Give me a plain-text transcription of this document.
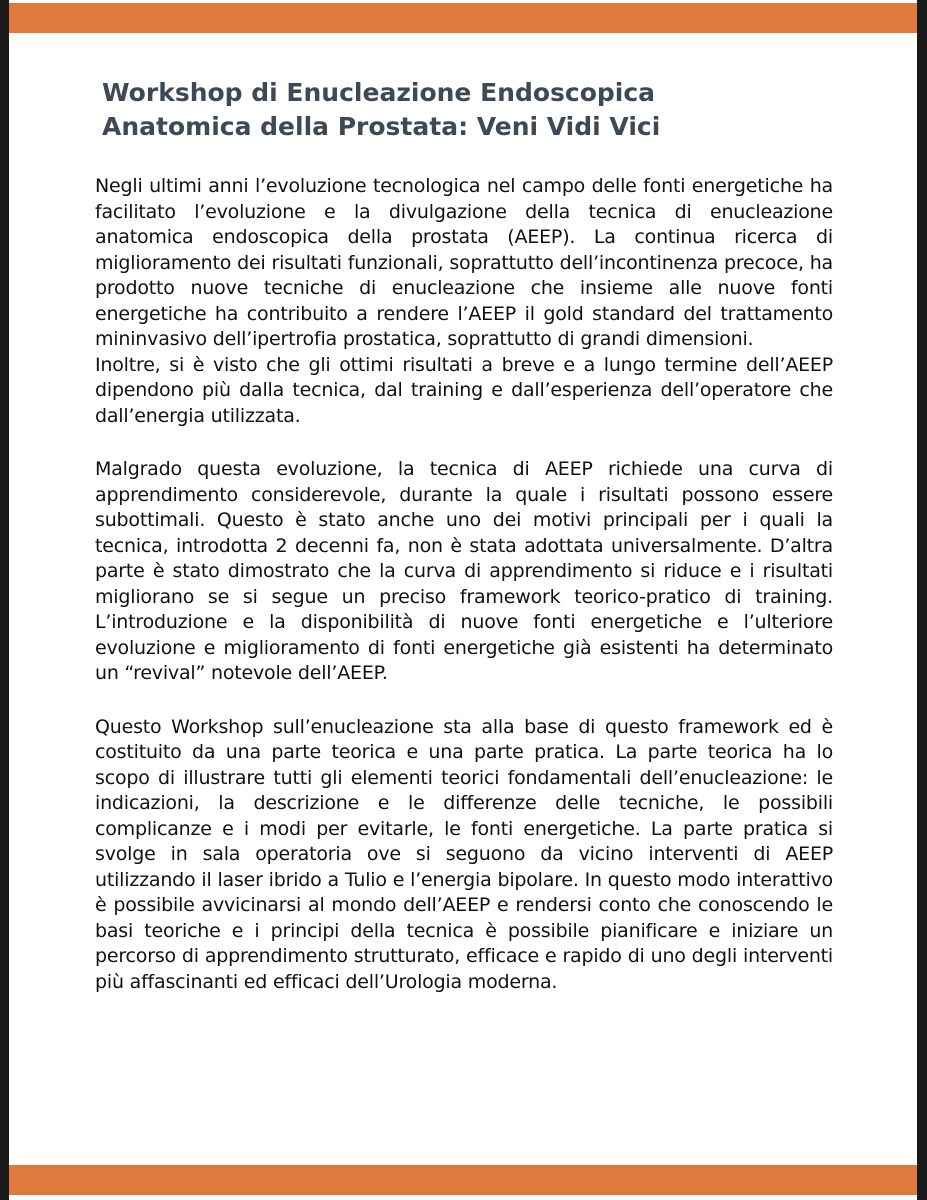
Workshop di Enucleazione Endoscopica
Anatomica della Prostata: Veni Vidi Vici

Negli ultimi anni l’evoluzione tecnologica nel campo delle fonti energetiche ha facilitato l’evoluzione e la divulgazione della tecnica di enucleazione anatomica endoscopica della prostata (AEEP). La continua ricerca di miglioramento dei risultati funzionali, soprattutto dell’incontinenza precoce, ha prodotto nuove tecniche di enucleazione che insieme alle nuove fonti energetiche ha contribuito a rendere l’AEEP il gold standard del trattamento mininvasivo dell’ipertrofia prostatica, soprattutto di grandi dimensioni.
Inoltre, si è visto che gli ottimi risultati a breve e a lungo termine dell’AEEP dipendono più dalla tecnica, dal training e dall’esperienza dell’operatore che dall’energia utilizzata.

Malgrado questa evoluzione, la tecnica di AEEP richiede una curva di apprendimento considerevole, durante la quale i risultati possono essere subottimali. Questo è stato anche uno dei motivi principali per i quali la tecnica, introdotta 2 decenni fa, non è stata adottata universalmente. D’altra parte è stato dimostrato che la curva di apprendimento si riduce e i risultati migliorano se si segue un preciso framework teorico-pratico di training. L’introduzione e la disponibilità di nuove fonti energetiche e l’ulteriore evoluzione e miglioramento di fonti energetiche già esistenti ha determinato un “revival” notevole dell’AEEP.

Questo Workshop sull’enucleazione sta alla base di questo framework ed è costituito da una parte teorica e una parte pratica. La parte teorica ha lo scopo di illustrare tutti gli elementi teorici fondamentali dell’enucleazione: le indicazioni, la descrizione e le differenze delle tecniche, le possibili complicanze e i modi per evitarle, le fonti energetiche. La parte pratica si svolge in sala operatoria ove si seguono da vicino interventi di AEEP utilizzando il laser ibrido a Tulio e l’energia bipolare. In questo modo interattivo è possibile avvicinarsi al mondo dell’AEEP e rendersi conto che conoscendo le basi teoriche e i principi della tecnica è possibile pianificare e iniziare un percorso di apprendimento strutturato, efficace e rapido di uno degli interventi più affascinanti ed efficaci dell’Urologia moderna.
